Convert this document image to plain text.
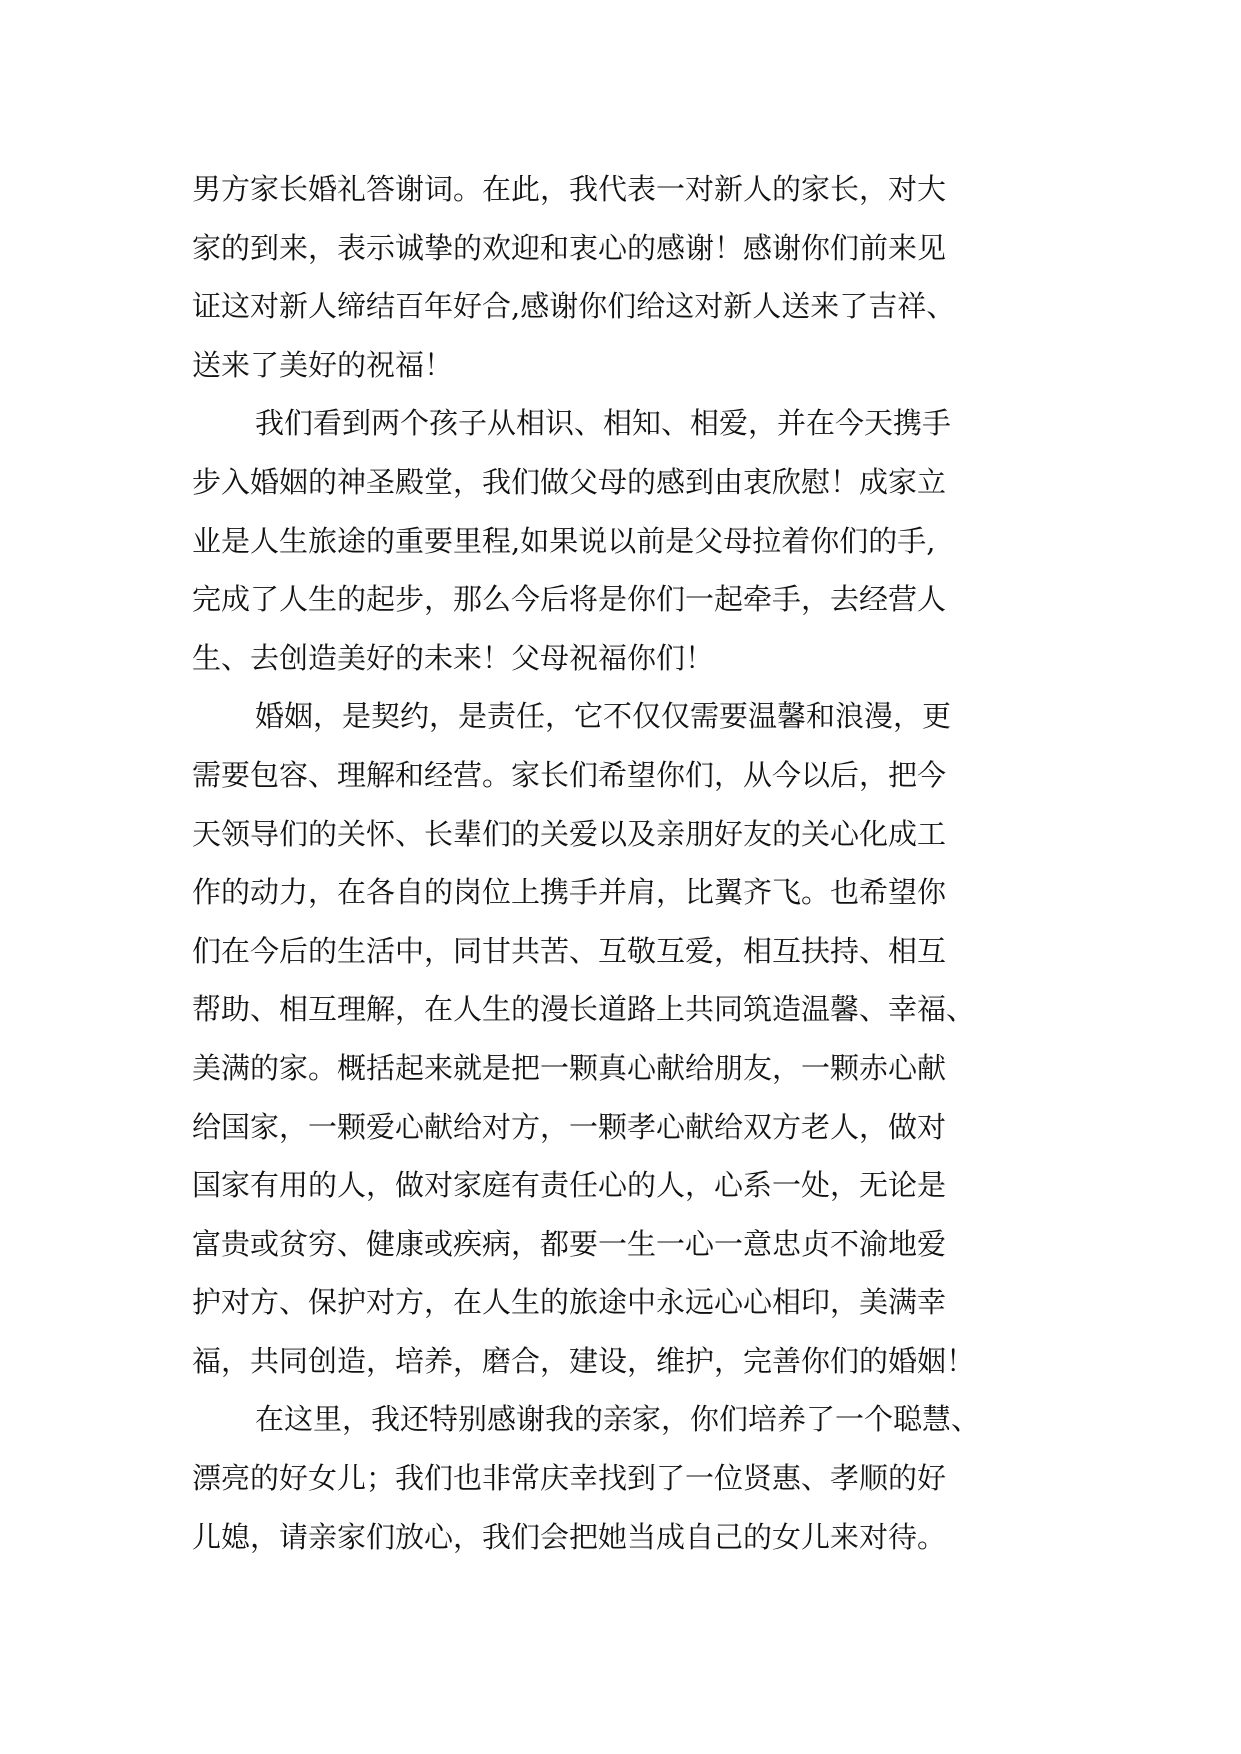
男方家长婚礼答谢词。在此，我代表一对新人的家长，对大
家的到来，表示诚挚的欢迎和衷心的感谢！感谢你们前来见
证这对新人缔结百年好合,感谢你们给这对新人送来了吉祥、
送来了美好的祝福！
我们看到两个孩子从相识、相知、相爱，并在今天携手
步入婚姻的神圣殿堂，我们做父母的感到由衷欣慰！成家立
业是人生旅途的重要里程,如果说以前是父母拉着你们的手,
完成了人生的起步，那么今后将是你们一起牵手，去经营人
生、去创造美好的未来！父母祝福你们！
婚姻，是契约，是责任，它不仅仅需要温馨和浪漫，更
需要包容、理解和经营。家长们希望你们，从今以后，把今
天领导们的关怀、长辈们的关爱以及亲朋好友的关心化成工
作的动力，在各自的岗位上携手并肩，比翼齐飞。也希望你
们在今后的生活中，同甘共苦、互敬互爱，相互扶持、相互
帮助、相互理解，在人生的漫长道路上共同筑造温馨、幸福、
美满的家。概括起来就是把一颗真心献给朋友，一颗赤心献
给国家，一颗爱心献给对方，一颗孝心献给双方老人，做对
国家有用的人，做对家庭有责任心的人，心系一处，无论是
富贵或贫穷、健康或疾病，都要一生一心一意忠贞不渝地爱
护对方、保护对方，在人生的旅途中永远心心相印，美满幸
福，共同创造，培养，磨合，建设，维护，完善你们的婚姻！
在这里，我还特别感谢我的亲家，你们培养了一个聪慧、
漂亮的好女儿；我们也非常庆幸找到了一位贤惠、孝顺的好
儿媳，请亲家们放心，我们会把她当成自己的女儿来对待。
